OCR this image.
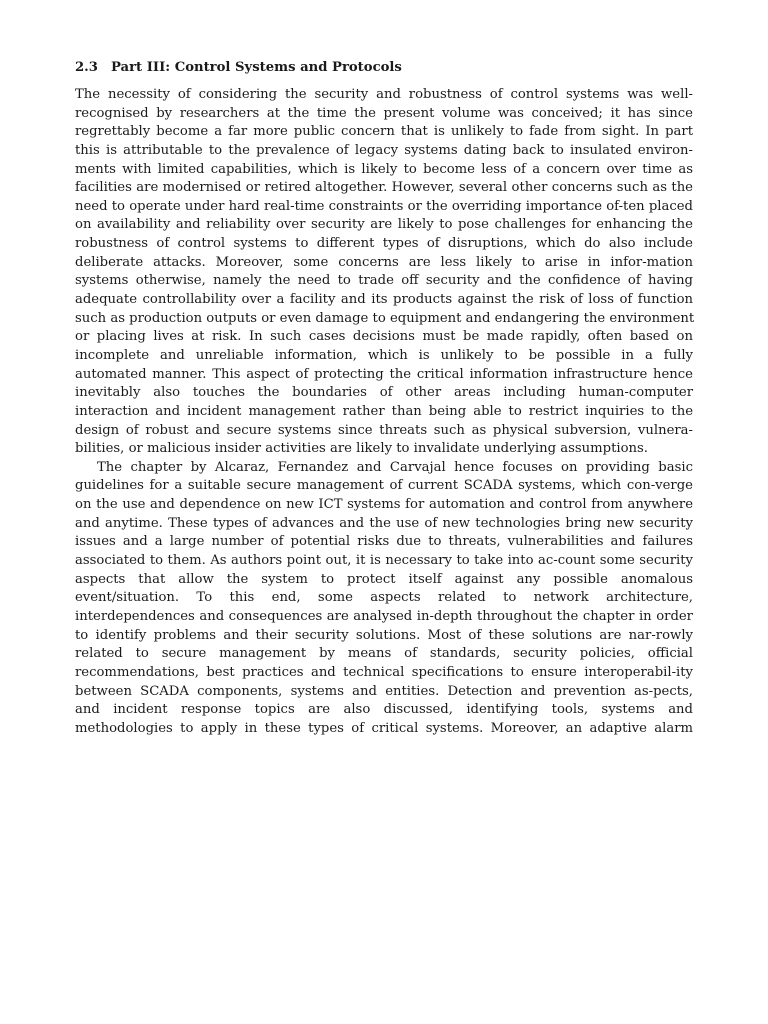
2.3 Part III: Control Systems and Protocols
The necessity of considering the security and robustness of control systems was well-
recognised by researchers at the time the present volume was conceived; it has since
regrettably become a far more public concern that is unlikely to fade from sight. In part
this is attributable to the prevalence of legacy systems dating back to insulated environ-
ments with limited capabilities, which is likely to become less of a concern over time as
facilities are modernised or retired altogether. However, several other concerns such as the
need to operate under hard real-time constraints or the overriding importance of-ten placed
on availability and reliability over security are likely to pose challenges for enhancing the
robustness of control systems to different types of disruptions, which do also include
deliberate attacks. Moreover, some concerns are less likely to arise in infor-mation
systems otherwise, namely the need to trade off security and the confidence of having
adequate controllability over a facility and its products against the risk of loss of function
such as production outputs or even damage to equipment and endangering the environment
or placing lives at risk. In such cases decisions must be made rapidly, often based on
incomplete and unreliable information, which is unlikely to be possible in a fully
automated manner. This aspect of protecting the critical information infrastructure hence
inevitably also touches the boundaries of other areas including human-computer
interaction and incident management rather than being able to restrict inquiries to the
design of robust and secure systems since threats such as physical subversion, vulnera-
bilities, or malicious insider activities are likely to invalidate underlying assumptions.
The chapter by Alcaraz, Fernandez and Carvajal hence focuses on providing basic
guidelines for a suitable secure management of current SCADA systems, which con-verge
on the use and dependence on new ICT systems for automation and control from anywhere
and anytime. These types of advances and the use of new technologies bring new security
issues and a large number of potential risks due to threats, vulnerabilities and failures
associated to them. As authors point out, it is necessary to take into ac-count some security
aspects that allow the system to protect itself against any possible anomalous
event/situation. To this end, some aspects related to network architecture,
interdependences and consequences are analysed in-depth throughout the chapter in order
to identify problems and their security solutions. Most of these solutions are nar-rowly
related to secure management by means of standards, security policies, official
recommendations, best practices and technical specifications to ensure interoperabil-ity
between SCADA components, systems and entities. Detection and prevention as-pects,
and incident response topics are also discussed, identifying tools, systems and
methodologies to apply in these types of critical systems. Moreover, an adaptive alarm
